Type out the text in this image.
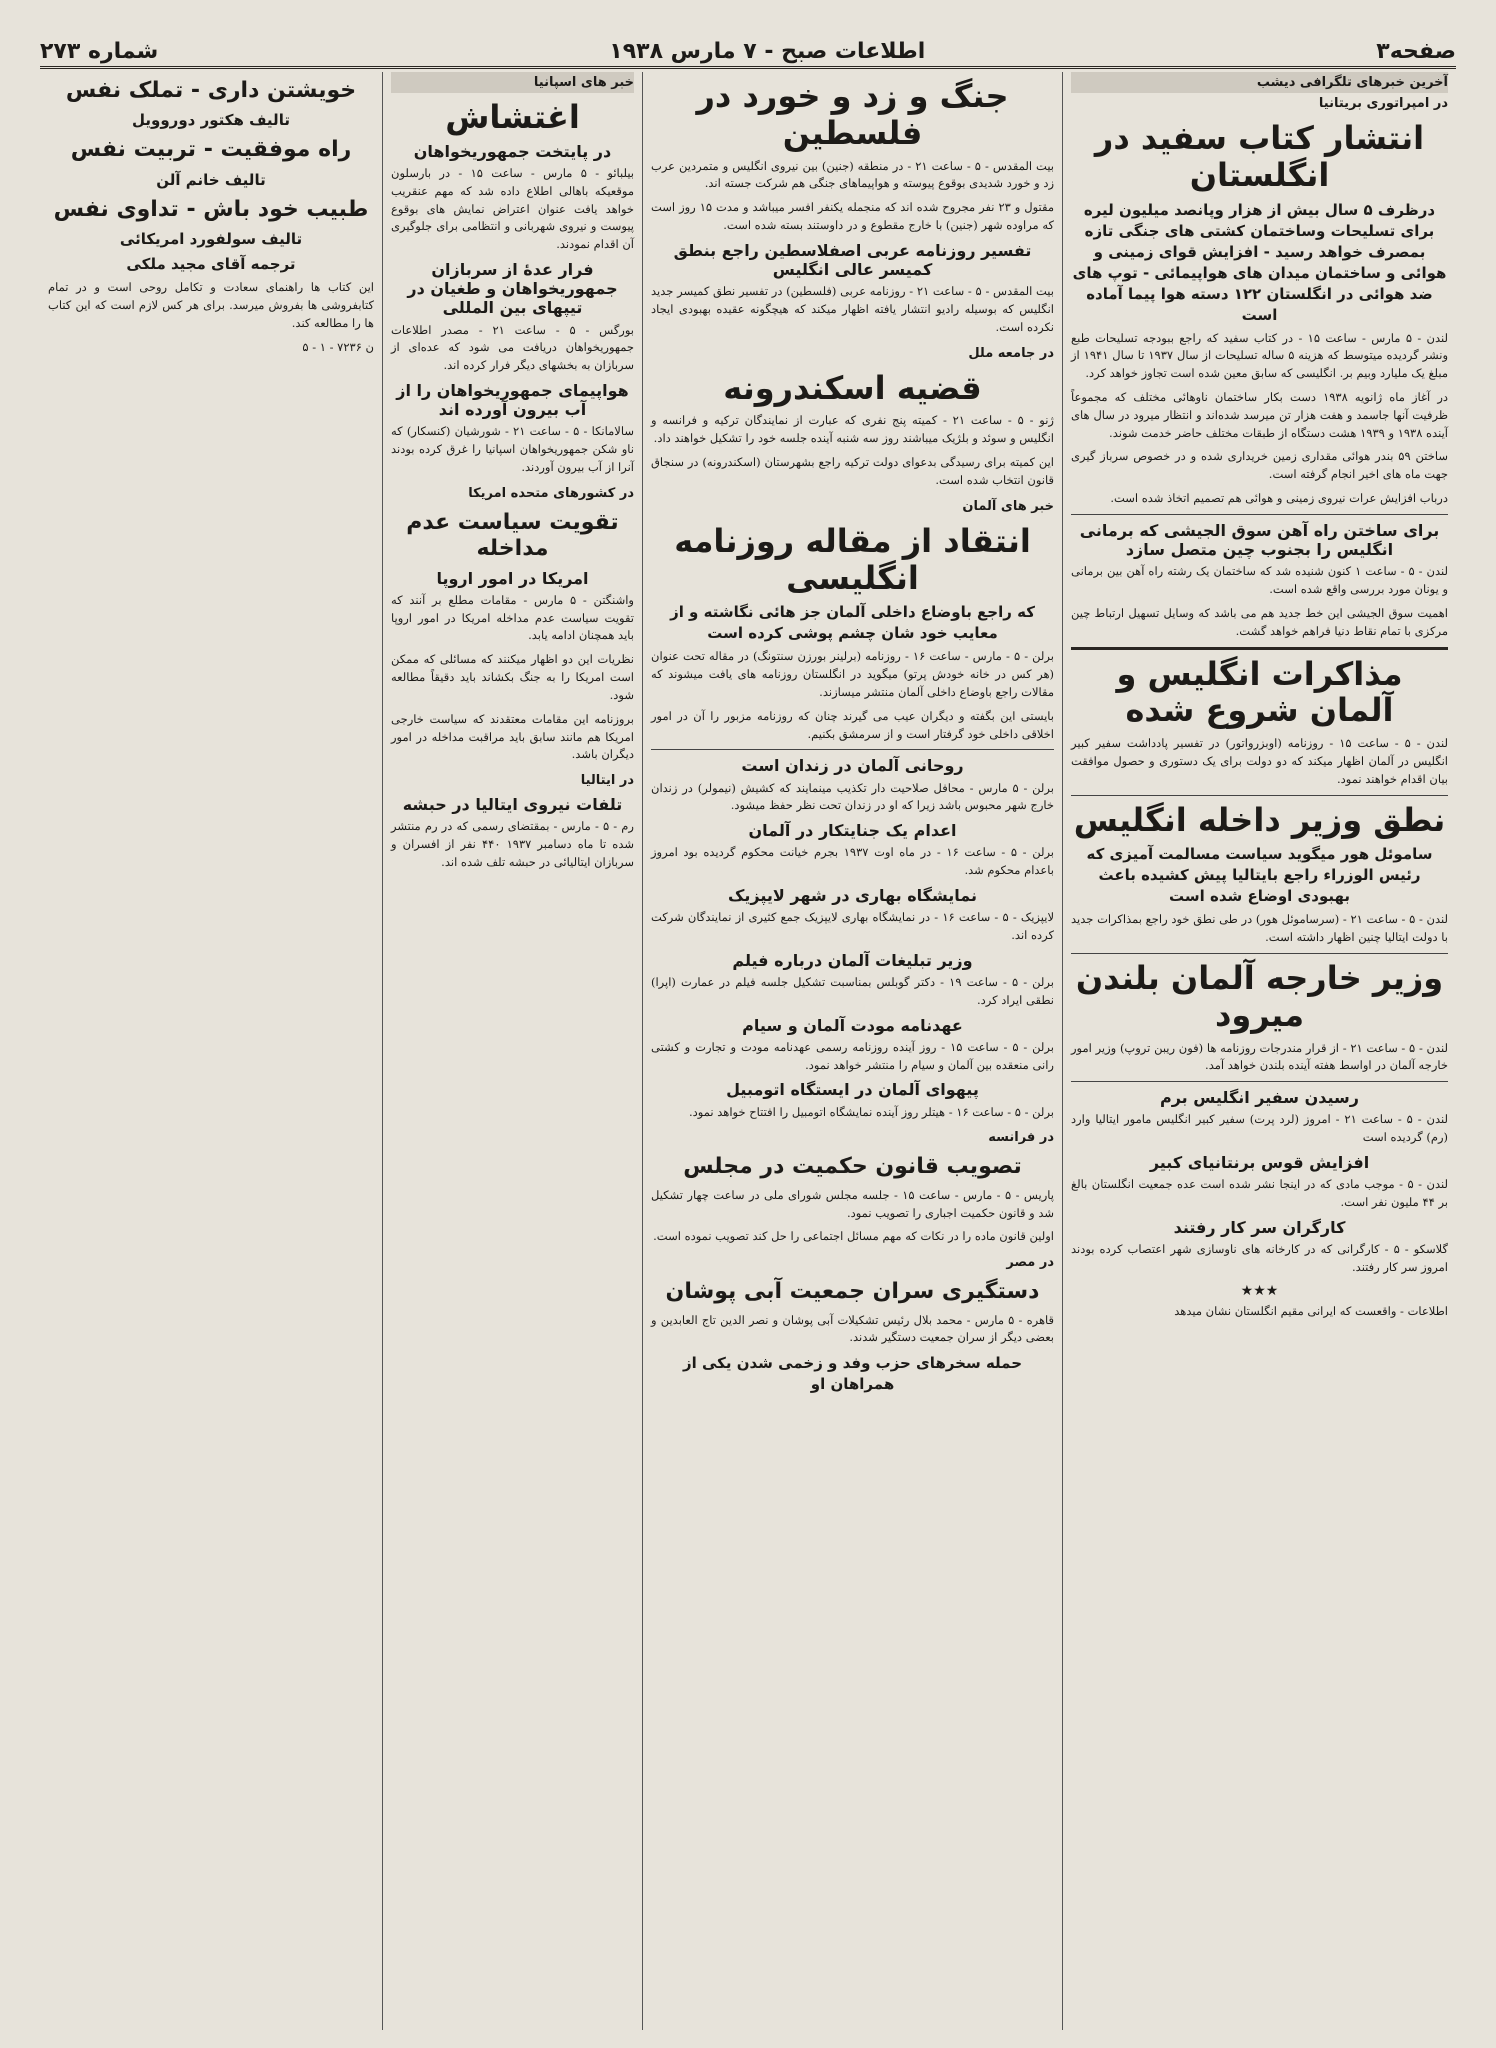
صفحه۳
اطلاعات صبح - ۷ مارس ۱۹۳۸
شماره ۲۷۳
آخرین خبرهای تلگرافی دیشب
در امپراتوری بریتانیا
انتشار کتاب سفید در انگلستان
درظرف ۵ سال بیش از هزار وپانصد میلیون لیره برای تسلیحات وساختمان کشتی های جنگی تازه بمصرف خواهد رسید - افزایش قوای زمینی و هوائی و ساختمان میدان های هواپیمائی - توپ های ضد هوائی در انگلستان ۱۲۲ دسته هوا پیما آماده است
لندن - ۵ مارس - ساعت ۱۵ - در کتاب سفید که راجع ببودجه تسلیحات طبع ونشر گردیده میتوسط که هزینه ۵ ساله تسلیحات از سال ۱۹۳۷ تا سال ۱۹۴۱ از مبلغ یک ملیارد وبیم بر. انگلیسی که سابق معین شده است تجاوز خواهد کرد.
در آغاز ماه ژانویه ۱۹۳۸ دست بکار ساختمان ناوهائی مختلف که مجموعاً ظرفیت آنها جاسمد و هفت هزار تن میرسد شده‌اند و انتظار میرود در سال های آینده ۱۹۳۸ و ۱۹۳۹ هشت دستگاه از طبقات مختلف حاضر خدمت شوند.
ساختن ۵۹ بندر هوائی مقداری زمین خریداری شده و در خصوص سرباز گیری جهت ماه های اخیر انجام گرفته است.
درباب افزایش عرات نیروی زمینی و هوائی هم تصمیم اتخاذ شده است.
برای ساختن راه آهن سوق الجیشی که برمانی انگلیس را بجنوب چین متصل سازد
لندن - ۵ - ساعت ۱ کنون شنیده شد که ساختمان یک رشته راه آهن بین برمانی و یونان مورد بررسی واقع شده است.
اهمیت سوق الجیشی این خط جدید هم می باشد که وسایل تسهیل ارتباط چین مرکزی با تمام نقاط دنیا فراهم خواهد گشت.
مذاکرات انگلیس و آلمان شروع شده
لندن - ۵ - ساعت ۱۵ - روزنامه (اوبزرواتور) در تفسیر پادداشت سفیر کبیر انگلیس در آلمان اظهار میکند که دو دولت برای یک دستوری و حصول موافقت بیان اقدام خواهند نمود.
نطق وزیر داخله انگلیس
ساموئل هور میگوید سیاست مسالمت آمیزی که رئیس الوزراء راجع بایتالیا پیش کشیده باعث بهبودی اوضاع شده است
لندن - ۵ - ساعت ۲۱ - (سرساموئل هور) در طی نطق خود راجع بمذاکرات جدید با دولت ایتالیا چنین اظهار داشته است.
وزیر خارجه آلمان بلندن میرود
لندن - ۵ - ساعت ۲۱ - از قرار مندرجات روزنامه ها (فون ریبن تروپ) وزیر امور خارجه آلمان در اواسط هفته آینده بلندن خواهد آمد.
رسیدن سفیر انگلیس برم
لندن - ۵ - ساعت ۲۱ - امروز (لرد پرت) سفیر کبیر انگلیس مامور ایتالیا وارد (رم) گردیده است
افزایش قوس برنتانیای کبیر
لندن - ۵ - موجب مادی که در اینجا نشر شده است عده جمعیت انگلستان بالغ بر ۴۴ ملیون نفر است.
کارگران سر کار رفتند
گلاسکو - ۵ - کارگرانی که در کارخانه های ناوسازی شهر اعتصاب کرده بودند امروز سر کار رفتند.
★★★
اطلاعات - واقعست که ایرانی مقیم انگلستان نشان میدهد
جنگ و زد و خورد در فلسطین
بیت المقدس - ۵ - ساعت ۲۱ - در منطقه (جنین) بین نیروی انگلیس و متمردین عرب زد و خورد شدیدی بوقوع پیوسته و هواپیماهای جنگی هم شرکت جسته اند.
مقتول و ۲۳ نفر مجروح شده اند که منجمله یکنفر افسر میباشد و مدت ۱۵ روز است که مراوده شهر (جنین) با خارج مقطوع و در داوستند بسته شده است.
تفسیر روزنامه عربی اصفلاسطین راجع بنطق کمیسر عالی انگلیس
بیت المقدس - ۵ - ساعت ۲۱ - روزنامه عربی (فلسطین) در تفسیر نطق کمیسر جدید انگلیس که بوسیله رادیو انتشار یافته اظهار میکند که هیچگونه عقیده بهبودی ایجاد نکرده است.
در جامعه ملل
قضیه اسکندرونه
ژنو - ۵ - ساعت ۲۱ - کمیته پنج نفری که عبارت از نمایندگان ترکیه و فرانسه و انگلیس و سوئد و بلژیک میباشند روز سه شنبه آینده جلسه خود را تشکیل خواهند داد.
این کمیته برای رسیدگی بدعوای دولت ترکیه راجع بشهرستان (اسکندرونه) در سنجاق قانون انتخاب شده است.
خبر های آلمان
انتقاد از مقاله روزنامه انگلیسی
که راجع باوضاع داخلی آلمان جز هائی نگاشته و از معایب خود شان چشم پوشی کرده است
برلن - ۵ - مارس - ساعت ۱۶ - روزنامه (برلینر بورزن سنتونگ) در مقاله تحت عنوان (هر کس در خانه خودش پرتو) میگوید در انگلستان روزنامه های یافت میشوند که مقالات راجع باوضاع داخلی آلمان منتشر میسازند.
بایستی این بگفته و دیگران عیب می گیرند چنان که روزنامه مزبور را آن در امور اخلاقی داخلی خود گرفتار است و از سرمشق بکنیم.
روحانی آلمان در زندان است
برلن - ۵ مارس - محافل صلاحیت دار تکذیب مینمایند که کشیش (نیمولر) در زندان خارج شهر محبوس باشد زیرا که او در زندان تحت نظر حفظ میشود.
اعدام یک جنایتکار در آلمان
برلن - ۵ - ساعت ۱۶ - در ماه اوت ۱۹۳۷ بجرم خیانت محکوم گردیده بود امروز باعدام محکوم شد.
نمایشگاه بهاری در شهر لایپزیک
لایپزیک - ۵ - ساعت ۱۶ - در نمایشگاه بهاری لایپزیک جمع کثیری از نمایندگان شرکت کرده اند.
وزیر تبلیغات آلمان درباره فیلم
برلن - ۵ - ساعت ۱۹ - دکتر گوبلس بمناسبت تشکیل جلسه فیلم در عمارت (اپرا) نطقی ایراد کرد.
عهدنامه مودت آلمان و سیام
برلن - ۵ - ساعت ۱۵ - روز آینده روزنامه رسمی عهدنامه مودت و تجارت و کشتی رانی منعقده بین آلمان و سیام را منتشر خواهد نمود.
پیهوای آلمان در ایستگاه اتومبیل
برلن - ۵ - ساعت ۱۶ - هیتلر روز آینده نمایشگاه اتومبیل را افتتاح خواهد نمود.
در فرانسه
تصویب قانون حکمیت در مجلس
پاریس - ۵ - مارس - ساعت ۱۵ - جلسه مجلس شورای ملی در ساعت چهار تشکیل شد و قانون حکمیت اجباری را تصویب نمود.
اولین قانون ماده را در نکات که مهم مسائل اجتماعی را حل کند تصویب نموده است.
در مصر
دستگیری سران جمعیت آبی پوشان
قاهره - ۵ مارس - محمد بلال رئیس تشکیلات آبی پوشان و نصر الدین تاج العابدین و بعضی دیگر از سران جمعیت دستگیر شدند.
حمله سخرهای حزب وفد و زخمی شدن یکی از همراهان او
خبر های اسپانیا
اغتشاش
در پایتخت جمهوریخواهان
بیلبائو - ۵ مارس - ساعت ۱۵ - در بارسلون موقعیکه باهالی اطلاع داده شد که مهم عنقریب خواهد یافت عنوان اعتراض نمایش های بوقوع پیوست و نیروی شهربانی و انتظامی برای جلوگیری آن اقدام نمودند.
فرار عدۀ از سربازان جمهوریخواهان و طغیان در تیپهای بین المللی
بورگس - ۵ - ساعت ۲۱ - مصدر اطلاعات جمهوریخواهان دریافت می شود که عده‌ای از سربازان به بخشهای دیگر فرار کرده اند.
هواپیمای جمهوریخواهان را از آب بیرون آورده اند
سالامانکا - ۵ - ساعت ۲۱ - شورشیان (کنسکار) که ناو شکن جمهوریخواهان اسپانیا را غرق کرده بودند آنرا از آب بیرون آوردند.
در کشورهای متحده امریکا
تقویت سیاست عدم مداخله
امریکا در امور اروپا
واشنگتن - ۵ مارس - مقامات مطلع بر آنند که تقویت سیاست عدم مداخله امریکا در امور اروپا باید همچنان ادامه یابد.
نظریات این دو اظهار میکنند که مسائلی که ممکن است امریکا را به جنگ بکشاند باید دقیقاً مطالعه شود.
بروزنامه این مقامات معتقدند که سیاست خارجی امریکا هم مانند سابق باید مراقبت مداخله در امور دیگران باشد.
در ایتالیا
تلفات نیروی ایتالیا در حبشه
رم - ۵ - مارس - بمقتضای رسمی که در رم منتشر شده تا ماه دسامبر ۱۹۳۷ ۴۴۰ نفر از افسران و سربازان ایتالیائی در حبشه تلف شده اند.
خویشتن داری - تملک نفس
تالیف هکتور دوروویل
راه موفقیت - تربیت نفس
تالیف خانم آلن
طبیب خود باش - تداوی نفس
تالیف سولفورد امریکائی
ترجمه آقای مجید ملکی
این کتاب ها راهنمای سعادت و تکامل روحی است و در تمام کتابفروشی ها بفروش میرسد. برای هر کس لازم است که این کتاب ها را مطالعه کند.
ن ۷۲۳۶ - ۱ - ۵
